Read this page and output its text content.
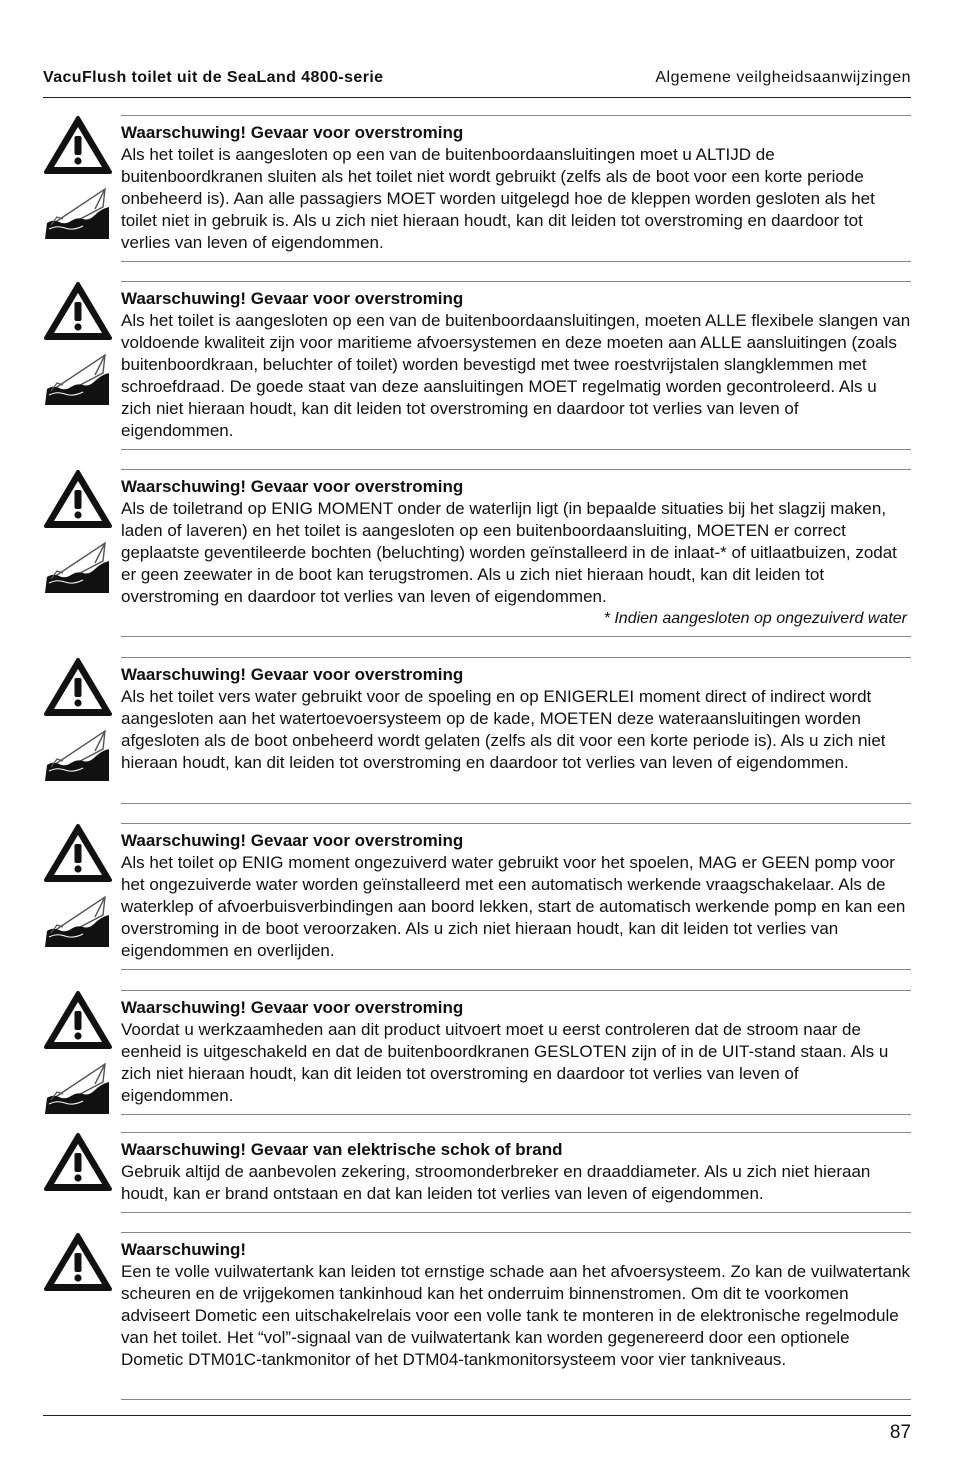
VacuFlush toilet uit de SeaLand 4800-serie	Algemene veilgheidsaanwijzingen
Waarschuwing! Gevaar voor overstroming
Als het toilet is aangesloten op een van de buitenboordaansluitingen moet u ALTIJD de buitenboordkranen sluiten als het toilet niet wordt gebruikt (zelfs als de boot voor een korte periode onbeheerd is). Aan alle passagiers MOET worden uitgelegd hoe de kleppen worden gesloten als het toilet niet in gebruik is. Als u zich niet hieraan houdt, kan dit leiden tot overstroming en daardoor tot verlies van leven of eigendommen.
Waarschuwing! Gevaar voor overstroming
Als het toilet is aangesloten op een van de buitenboordaansluitingen, moeten ALLE flexibele slangen van voldoende kwaliteit zijn voor maritieme afvoersystemen en deze moeten aan ALLE aansluitingen (zoals buitenboordkraan, beluchter of toilet) worden bevestigd met twee roestvrijstalen slangklemmen met schroefdraad. De goede staat van deze aansluitingen MOET regelmatig worden gecontroleerd. Als u zich niet hieraan houdt, kan dit leiden tot overstroming en daardoor tot verlies van leven of eigendommen.
Waarschuwing! Gevaar voor overstroming
Als de toiletrand op ENIG MOMENT onder de waterlijn ligt (in bepaalde situaties bij het slagzij maken, laden of laveren) en het toilet is aangesloten op een buitenboordaansluiting, MOETEN er correct geplaatste geventileerde bochten (beluchting) worden geïnstalleerd in de inlaat-* of uitlaatbuizen, zodat er geen zeewater in de boot kan terugstromen. Als u zich niet hieraan houdt, kan dit leiden tot overstroming en daardoor tot verlies van leven of eigendommen.
* Indien aangesloten op ongezuiverd water
Waarschuwing! Gevaar voor overstroming
Als het toilet vers water gebruikt voor de spoeling en op ENIGERLEI moment direct of indirect wordt aangesloten aan het watertoevoersysteem op de kade, MOETEN deze wateraansluitingen worden afgesloten als de boot onbeheerd wordt gelaten (zelfs als dit voor een korte periode is). Als u zich niet hieraan houdt, kan dit leiden tot overstroming en daardoor tot verlies van leven of eigendommen.
Waarschuwing! Gevaar voor overstroming
Als het toilet op ENIG moment ongezuiverd water gebruikt voor het spoelen, MAG er GEEN pomp voor het ongezuiverde water worden geïnstalleerd met een automatisch werkende vraagschakelaar. Als de waterklep of afvoerbuisverbindingen aan boord lekken, start de automatisch werkende pomp en kan een overstroming in de boot veroorzaken. Als u zich niet hieraan houdt, kan dit leiden tot verlies van eigendommen en overlijden.
Waarschuwing! Gevaar voor overstroming
Voordat u werkzaamheden aan dit product uitvoert moet u eerst controleren dat de stroom naar de eenheid is uitgeschakeld en dat de buitenboordkranen GESLOTEN zijn of in de UIT-stand staan. Als u zich niet hieraan houdt, kan dit leiden tot overstroming en daardoor tot verlies van leven of eigendommen.
Waarschuwing! Gevaar van elektrische schok of brand
Gebruik altijd de aanbevolen zekering, stroomonderbreker en draaddiameter. Als u zich niet hieraan houdt, kan er brand ontstaan en dat kan leiden tot verlies van leven of eigendommen.
Waarschuwing!
Een te volle vuilwatertank kan leiden tot ernstige schade aan het afvoersysteem. Zo kan de vuilwatertank scheuren en de vrijgekomen tankinhoud kan het onderruim binnenstromen. Om dit te voorkomen adviseert Dometic een uitschakelrelais voor een volle tank te monteren in de elektronische regelmodule van het toilet. Het “vol”-signaal van de vuilwatertank kan worden gegenereerd door een optionele Dometic DTM01C-tankmonitor of het DTM04-tankmonitorsysteem voor vier tankniveaus.
87
